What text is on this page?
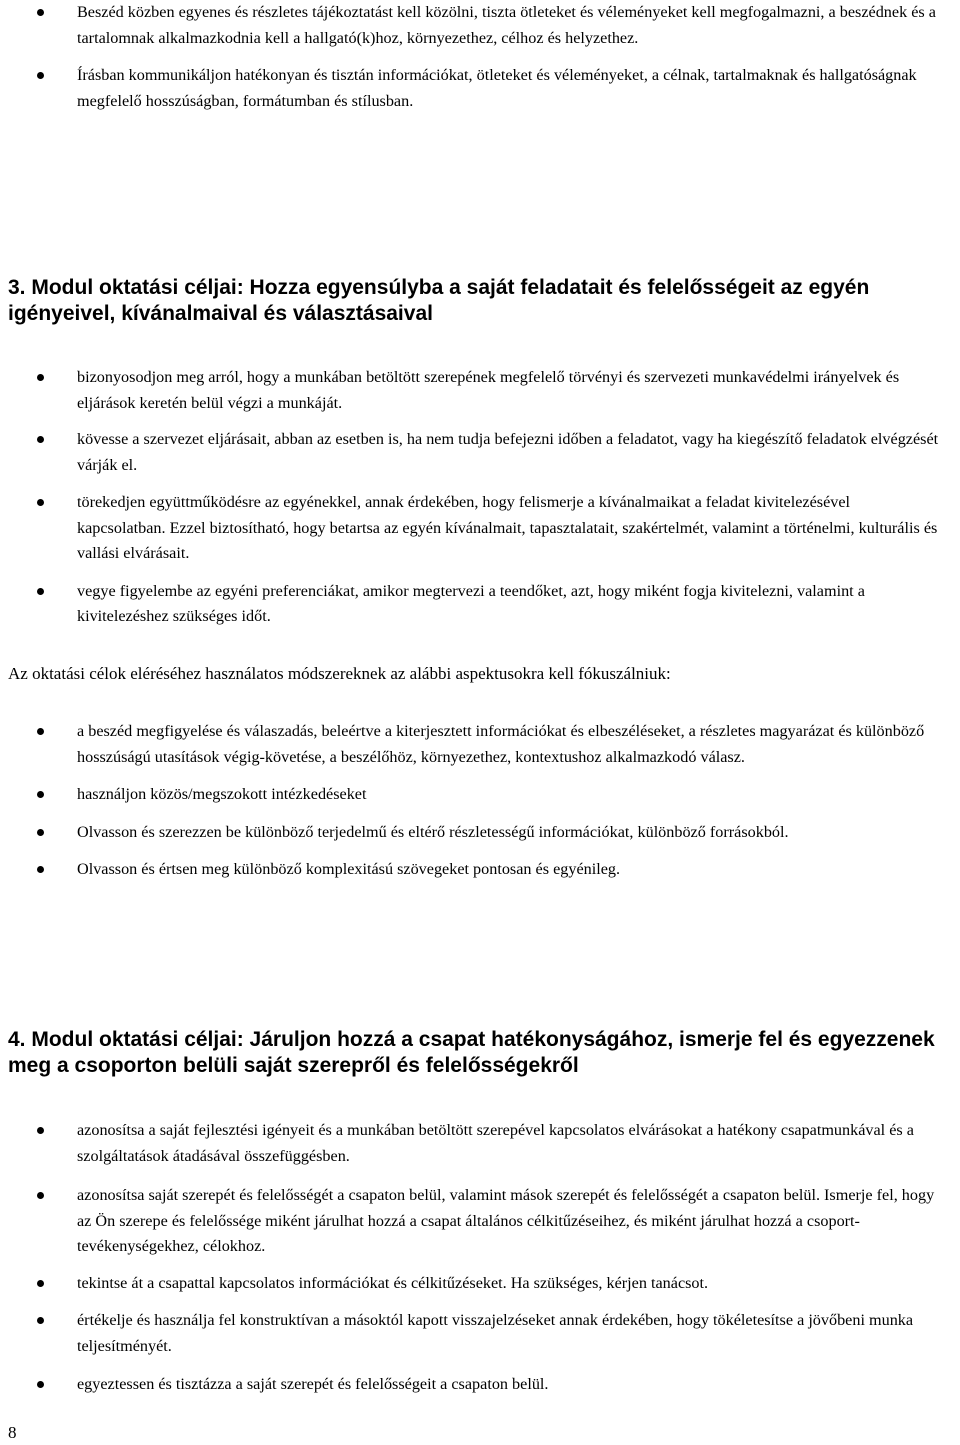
Beszéd közben egyenes és részletes tájékoztatást kell közölni, tiszta ötleteket és véleményeket kell megfogalmazni, a beszédnek és a tartalomnak alkalmazkodnia kell a hallgató(k)hoz, környezethez, célhoz és helyzethez.
Írásban kommunikáljon hatékonyan és tisztán információkat, ötleteket és véleményeket, a célnak, tartalmaknak és hallgatóságnak megfelelő hosszúságban, formátumban és stílusban.
3. Modul oktatási céljai: Hozza egyensúlyba a saját feladatait és felelősségeit az egyén igényeivel, kívánalmaival és választásaival
bizonyosodjon meg arról, hogy a munkában betöltött szerepének megfelelő törvényi és szervezeti munkavédelmi irányelvek és eljárások keretén belül végzi a munkáját.
kövesse a szervezet eljárásait, abban az esetben is, ha nem tudja befejezni időben a feladatot, vagy ha kiegészítő feladatok elvégzését várják el.
törekedjen együttműködésre az egyénekkel, annak érdekében, hogy felismerje a kívánalmaikat a feladat kivitelezésével kapcsolatban. Ezzel biztosítható, hogy betartsa az egyén kívánalmait, tapasztalatait, szakértelmét, valamint a történelmi, kulturális és vallási elvárásait.
vegye figyelembe az egyéni preferenciákat, amikor megtervezi a teendőket, azt, hogy miként fogja kivitelezni, valamint a kivitelezéshez szükséges időt.
Az oktatási célok eléréséhez használatos módszereknek az alábbi aspektusokra kell fókuszálniuk:
a beszéd megfigyelése és válaszadás, beleértve a kiterjesztett információkat és elbeszéléseket, a részletes magyarázat és különböző hosszúságú utasítások végig-követése, a beszélőhöz, környezethez, kontextushoz alkalmazkodó válasz.
használjon közös/megszokott intézkedéseket
Olvasson és szerezzen be különböző terjedelmű és eltérő részletességű információkat, különböző forrásokból.
Olvasson és értsen meg különböző komplexitású szövegeket pontosan és egyénileg.
4. Modul oktatási céljai: Járuljon hozzá a csapat hatékonyságához, ismerje fel és egyezzenek meg a csoporton belüli saját szerepről és felelősségekről
azonosítsa a saját fejlesztési igényeit és a munkában betöltött szerepével kapcsolatos elvárásokat a hatékony csapatmunkával és a szolgáltatások átadásával összefüggésben.
azonosítsa saját szerepét és felelősségét a csapaton belül, valamint mások szerepét és felelősségét a csapaton belül. Ismerje fel, hogy az Ön szerepe és felelőssége miként járulhat hozzá a csapat általános célkitűzéseihez, és miként járulhat hozzá a csoport-tevékenységekhez, célokhoz.
tekintse át a csapattal kapcsolatos információkat és célkitűzéseket. Ha szükséges, kérjen tanácsot.
értékelje és használja fel konstruktívan a másoktól kapott visszajelzéseket annak érdekében, hogy tökéletesítse a jövőbeni munka teljesítményét.
egyeztessen és tisztázza a saját szerepét és felelősségeit a csapaton belül.
8
